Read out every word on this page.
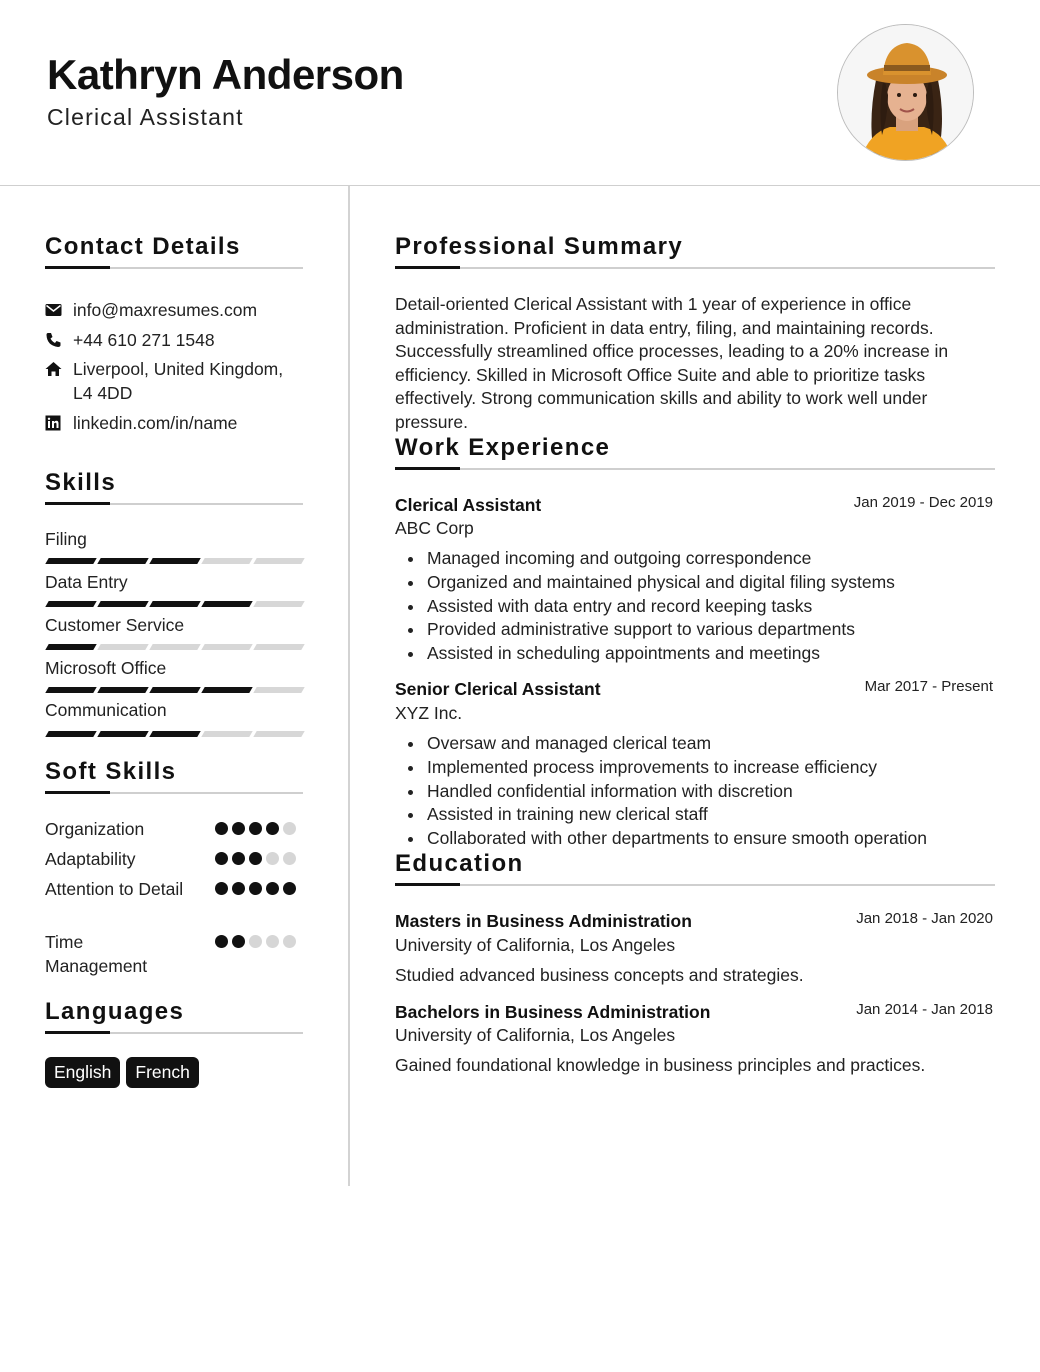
Kathryn Anderson
Clerical Assistant
Contact Details
info@maxresumes.com
+44 610 271 1548
Liverpool, United Kingdom,
L4 4DD
linkedin.com/in/name
Skills
Filing
Data Entry
Customer Service
Microsoft Office
Communication
Soft Skills
Organization
Adaptability
Attention to Detail
Time Management
Languages
English	French
Professional Summary
Detail-oriented Clerical Assistant with 1 year of experience in office administration. Proficient in data entry, filing, and maintaining records. Successfully streamlined office processes, leading to a 20% increase in efficiency. Skilled in Microsoft Office Suite and able to prioritize tasks effectively. Strong communication skills and ability to work well under pressure.
Work Experience
Clerical Assistant	Jan 2019 - Dec 2019
ABC Corp
Managed incoming and outgoing correspondence
Organized and maintained physical and digital filing systems
Assisted with data entry and record keeping tasks
Provided administrative support to various departments
Assisted in scheduling appointments and meetings
Senior Clerical Assistant	Mar 2017 - Present
XYZ Inc.
Oversaw and managed clerical team
Implemented process improvements to increase efficiency
Handled confidential information with discretion
Assisted in training new clerical staff
Collaborated with other departments to ensure smooth operation
Education
Masters in Business Administration	Jan 2018 - Jan 2020
University of California, Los Angeles
Studied advanced business concepts and strategies.
Bachelors in Business Administration	Jan 2014 - Jan 2018
University of California, Los Angeles
Gained foundational knowledge in business principles and practices.
